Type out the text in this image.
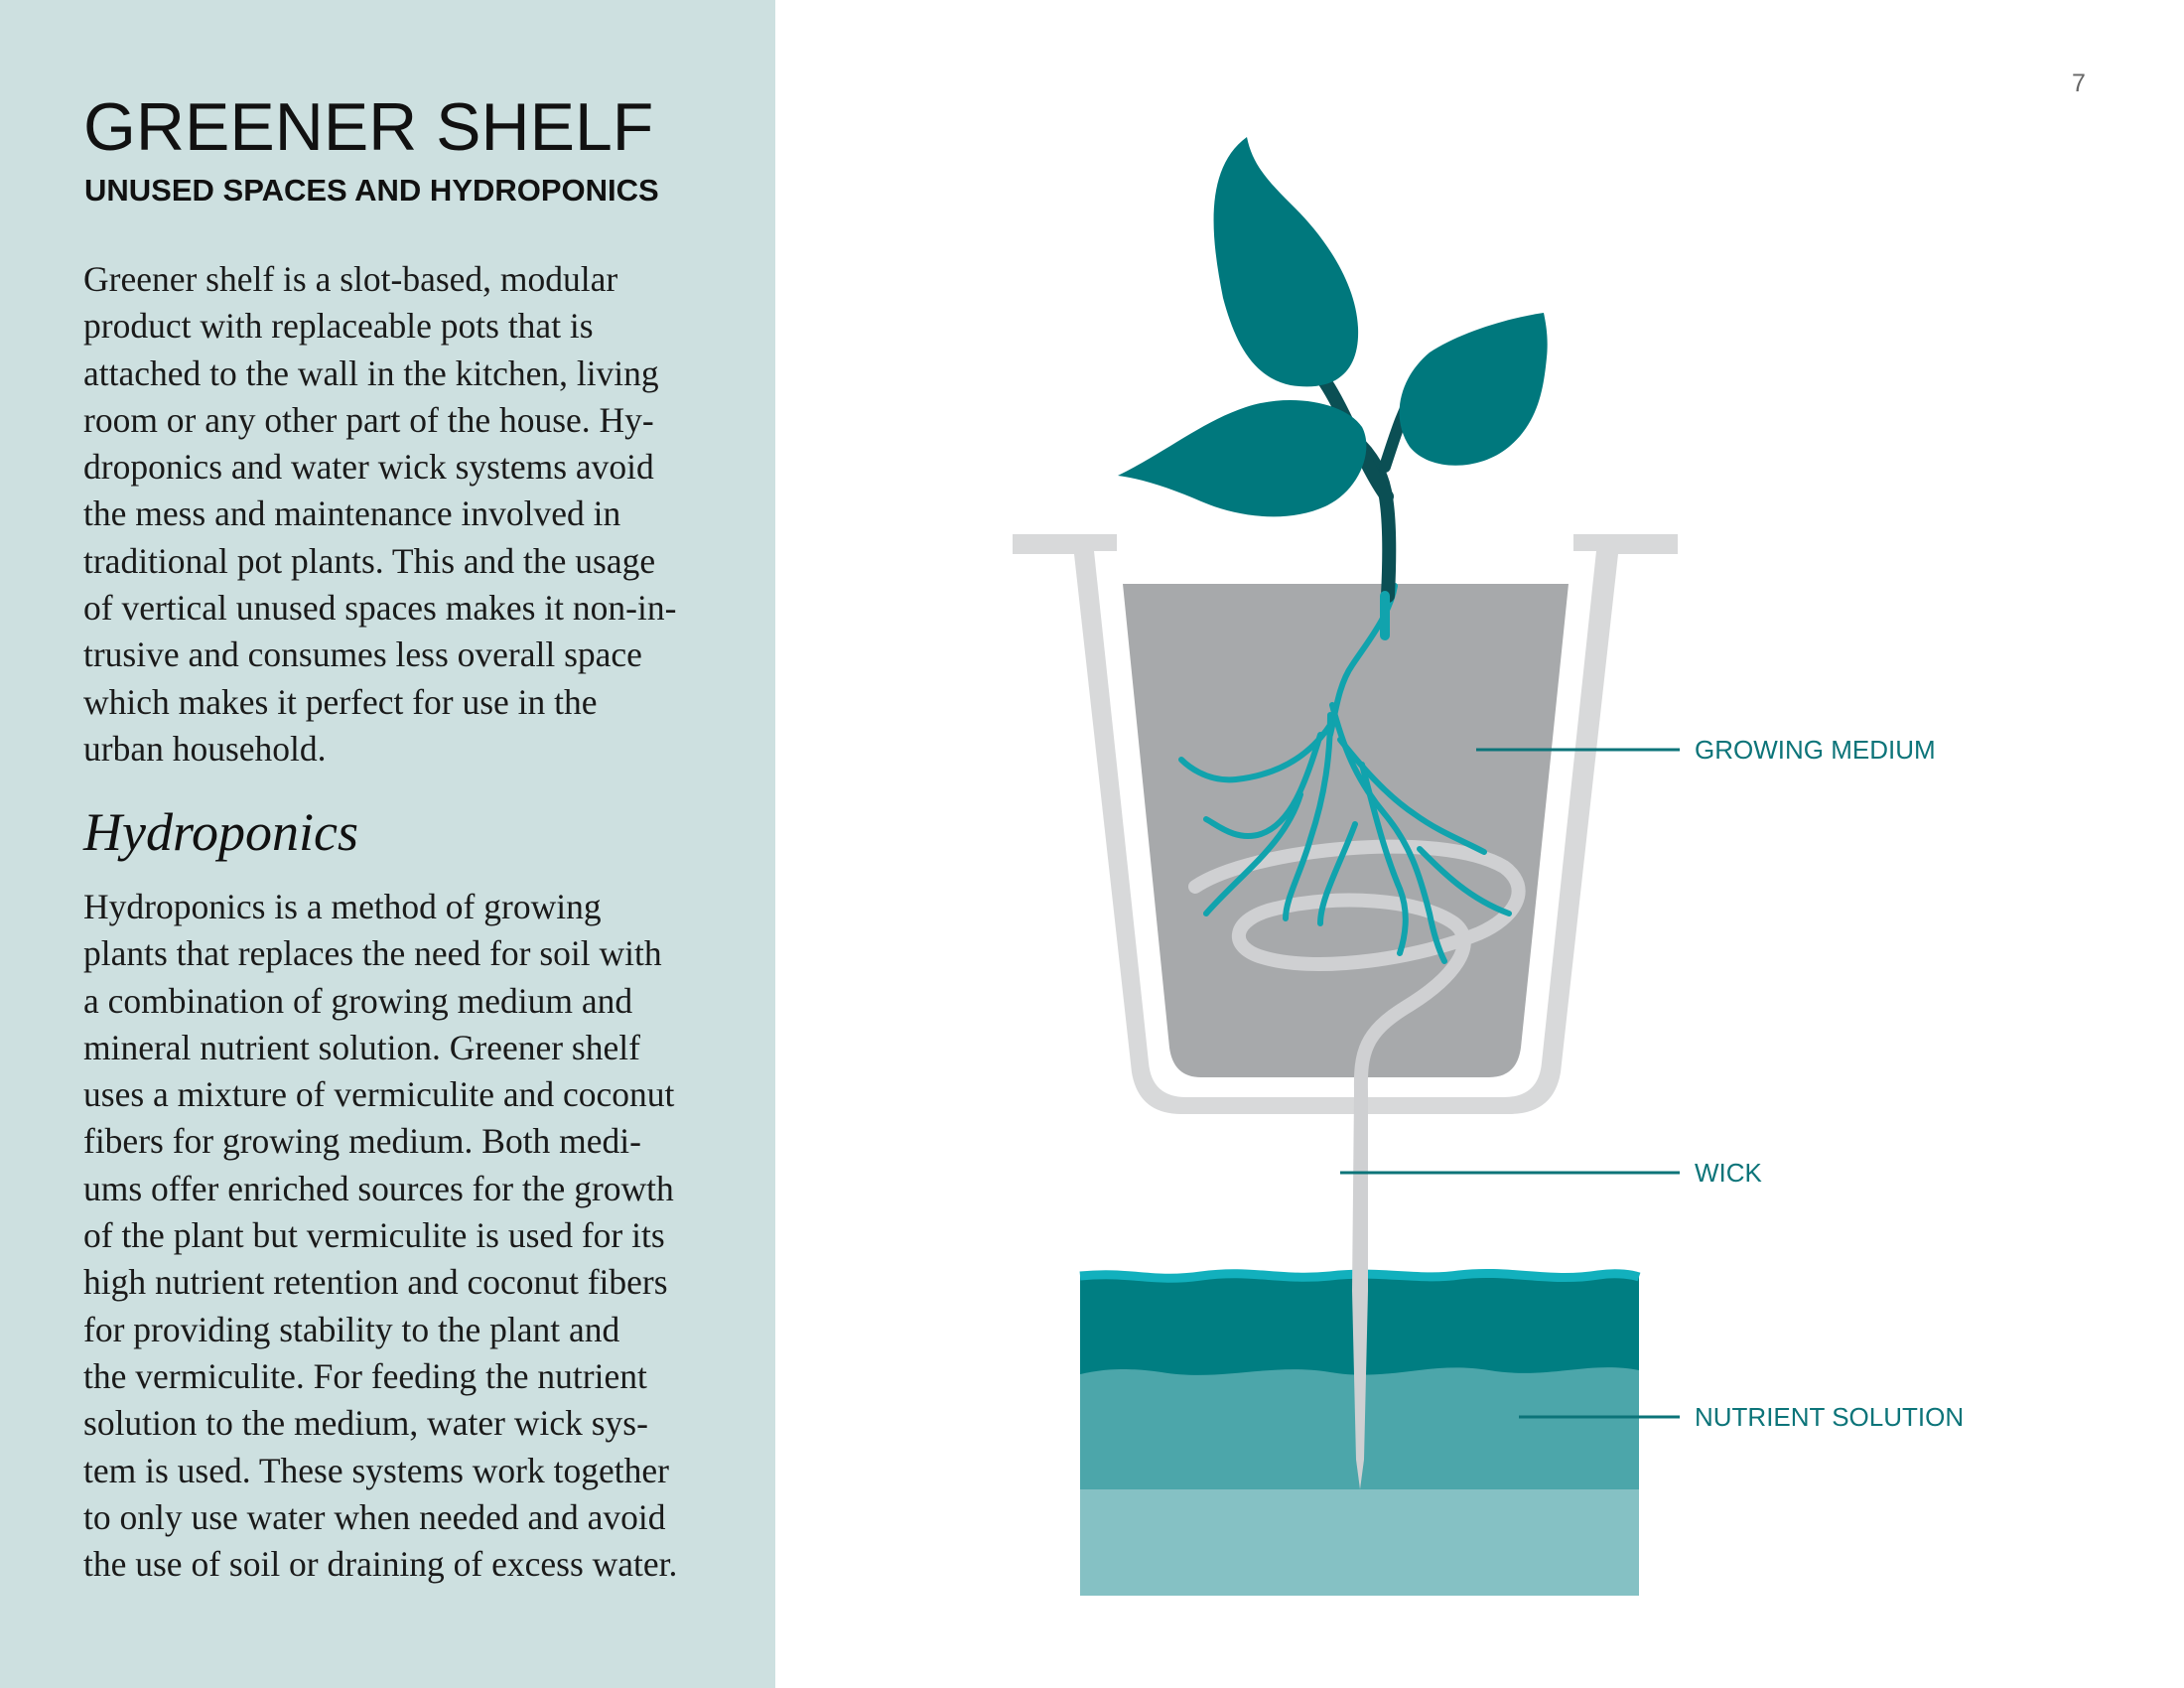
GREENER SHELF
UNUSED SPACES AND HYDROPONICS

Greener shelf is a slot-based, modular
product with replaceable pots that is
attached to the wall in the kitchen, living
room or any other part of the house. Hy-
droponics and water wick systems avoid
the mess and maintenance involved in
traditional pot plants. This and the usage
of vertical unused spaces makes it non-in-
trusive and consumes less overall space
which makes it perfect for use in the
urban household.

Hydroponics

Hydroponics is a method of growing
plants that replaces the need for soil with
a combination of growing medium and
mineral nutrient solution. Greener shelf
uses a mixture of vermiculite and coconut
fibers for growing medium. Both medi-
ums offer enriched sources for the growth
of the plant but vermiculite is used for its
high nutrient retention and coconut fibers
for providing stability to the plant and
the vermiculite. For feeding the nutrient
solution to the medium, water wick sys-
tem is used. These systems work together
to only use water when needed and avoid
the use of soil or draining of excess water.

7
GROWING MEDIUM
WICK
NUTRIENT SOLUTION
